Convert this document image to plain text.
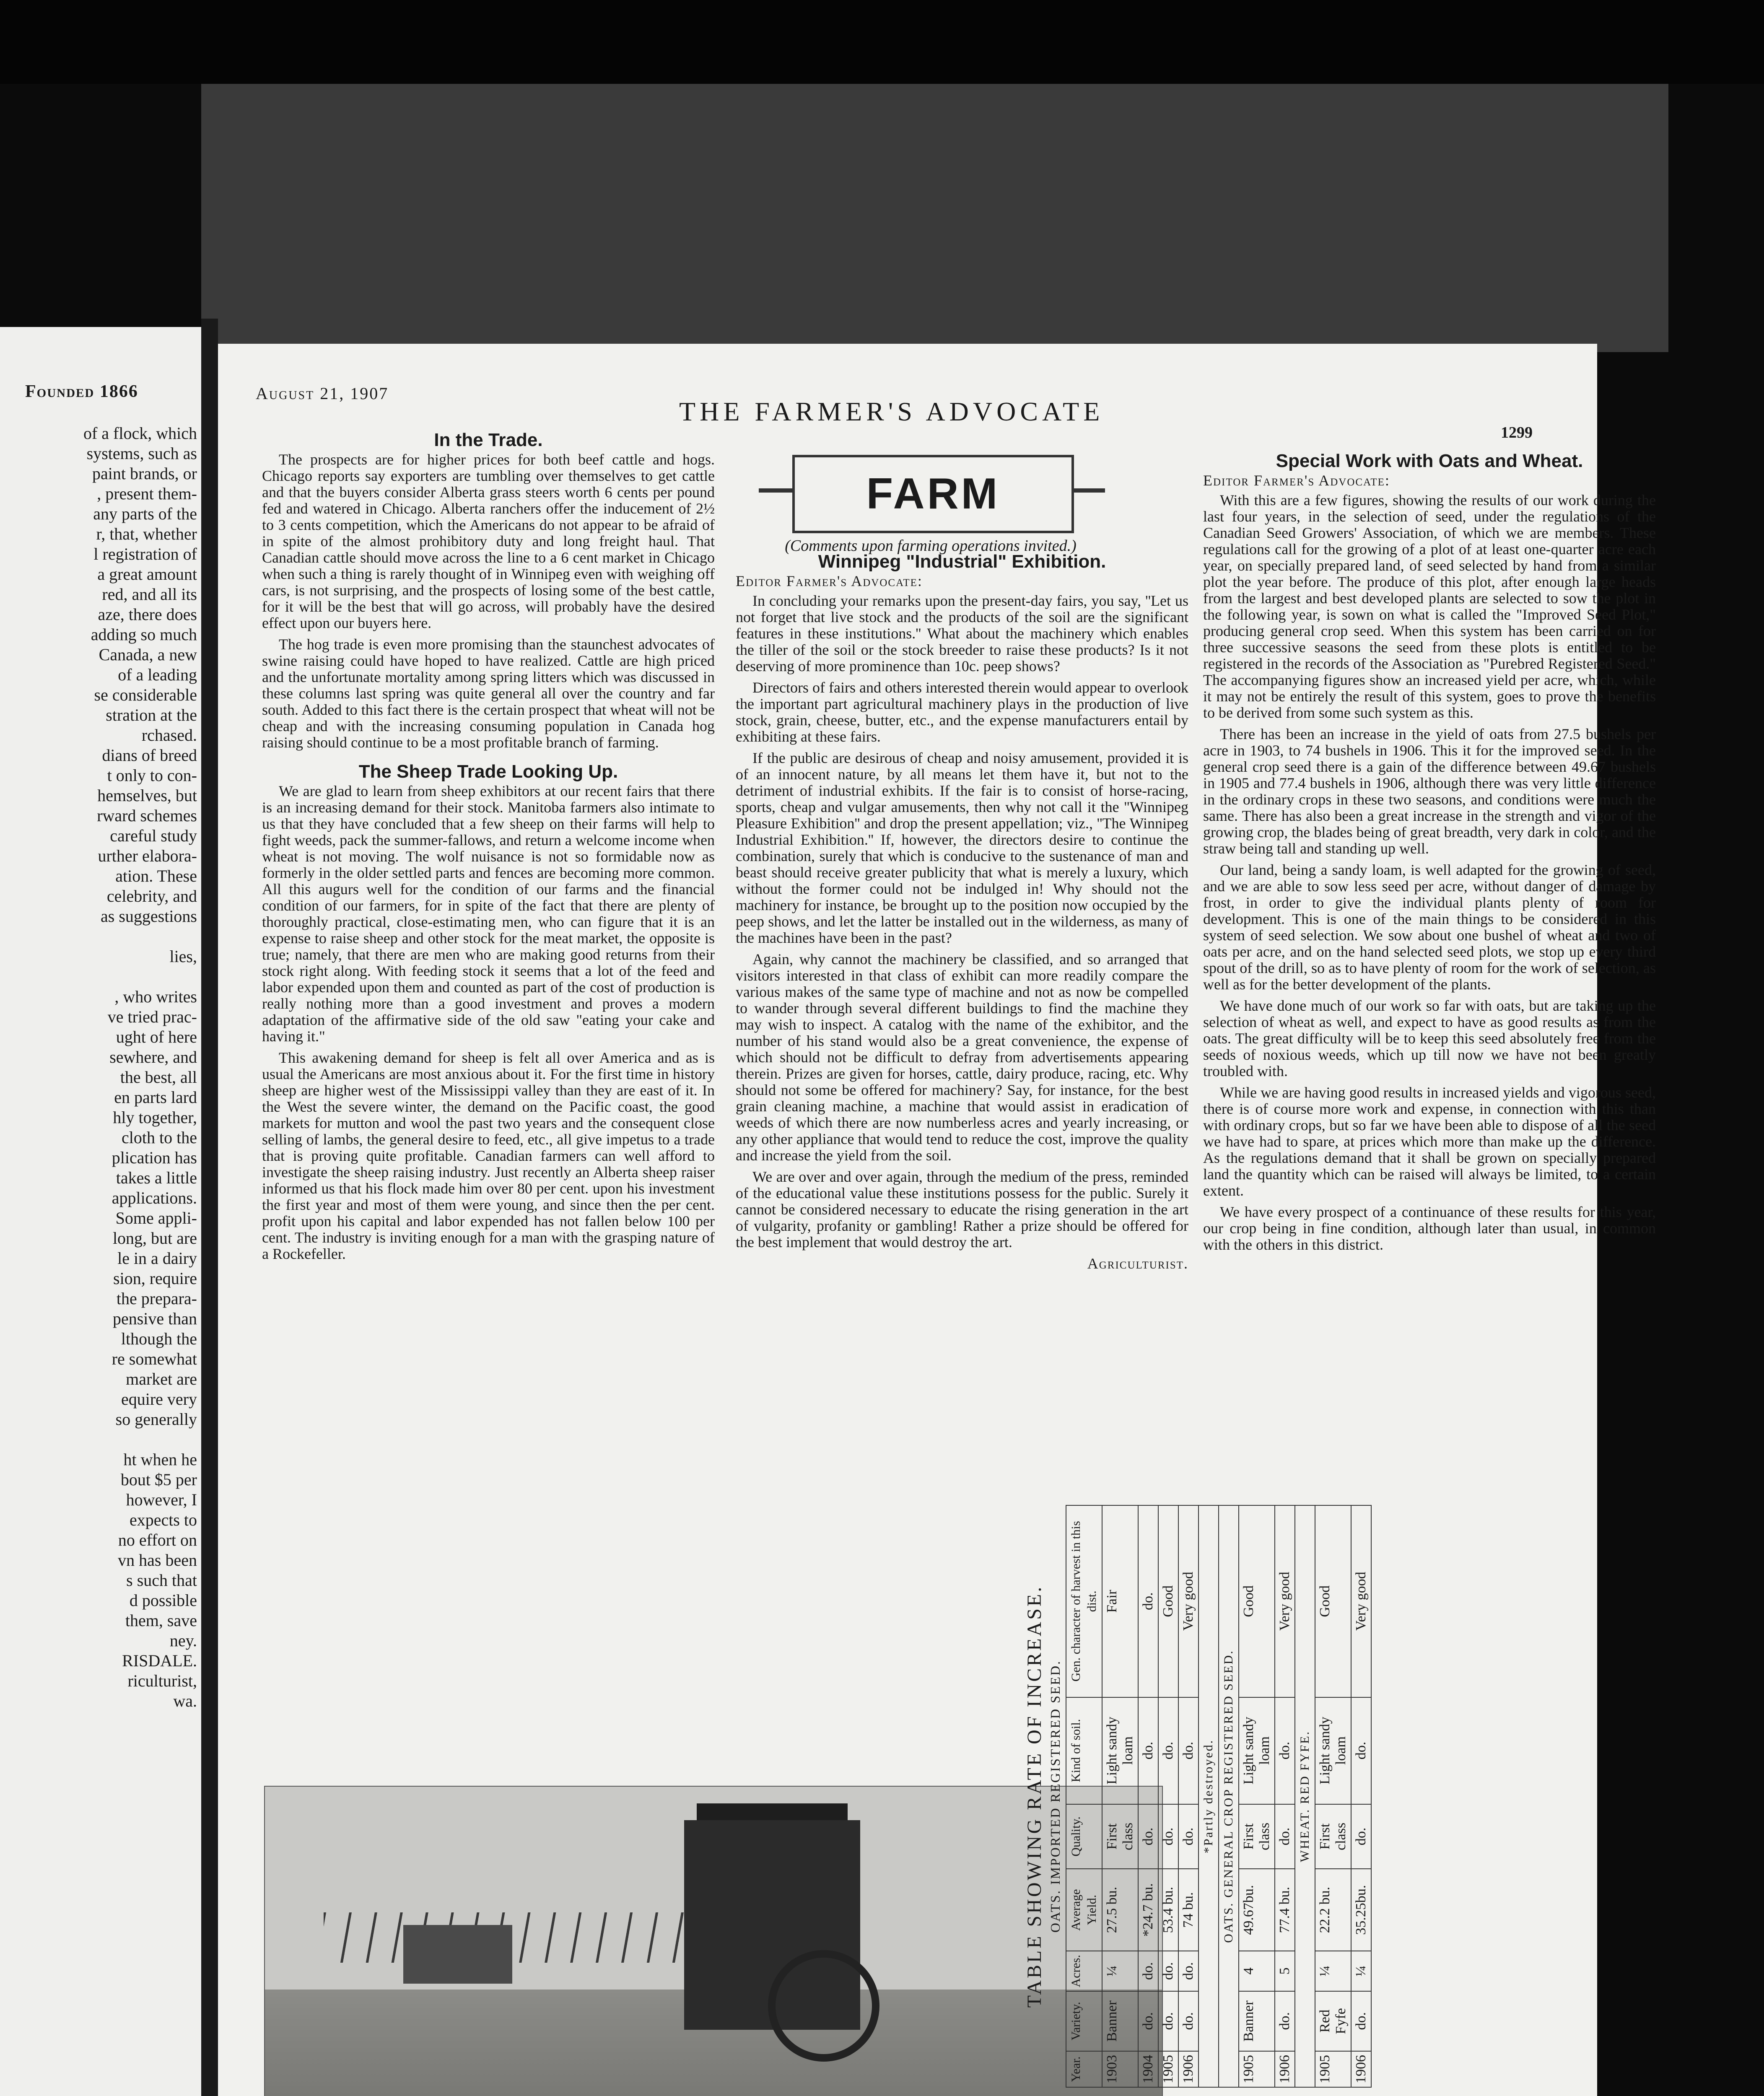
Founded 1866
of a flock, which
systems, such as
paint brands, or
, present them-
any parts of the
r, that, whether
l registration of
a great amount
red, and all its
aze, there does
adding so much
Canada, a new
of a leading
se considerable
stration at the
rchased.
dians of breed
t only to con-
hemselves, but
rward schemes
careful study
urther elabora-
ation. These
celebrity, and
as suggestions

lies,

, who writes
ve tried prac-
ught of here
sewhere, and
the best, all
en parts lard
hly together,
cloth to the
plication has
takes a little
applications.
Some appli-
long, but are
le in a dairy
sion, require
the prepara-
pensive than
lthough the
re somewhat
market are
equire very
so generally

ht when he
bout $5 per
however, I
expects to
no effort on
vn has been
s such that
d possible
them, save
ney.
RISDALE.
riculturist,
wa.
August 21, 1907
THE FARMER'S ADVOCATE
1299
In the Trade.

The prospects are for higher prices for both beef cattle and hogs. Chicago reports say exporters are tumbling over themselves to get cattle and that the buyers consider Alberta grass steers worth 6 cents per pound fed and watered in Chicago. Alberta ranchers offer the inducement of 2½ to 3 cents competition, which the Americans do not appear to be afraid of in spite of the almost prohibitory duty and long freight haul. That Canadian cattle should move across the line to a 6 cent market in Chicago when such a thing is rarely thought of in Winnipeg even with weighing off cars, is not surprising, and the prospects of losing some of the best cattle, for it will be the best that will go across, will probably have the desired effect upon our buyers here.

The hog trade is even more promising than the staunchest advocates of swine raising could have hoped to have realized. Cattle are high priced and the unfortunate mortality among spring litters which was discussed in these columns last spring was quite general all over the country and far south. Added to this fact there is the certain prospect that wheat will not be cheap and with the increasing consuming population in Canada hog raising should continue to be a most profitable branch of farming.

The Sheep Trade Looking Up.

We are glad to learn from sheep exhibitors at our recent fairs that there is an increasing demand for their stock. Manitoba farmers also intimate to us that they have concluded that a few sheep on their farms will help to fight weeds, pack the summer-fallows, and return a welcome income when wheat is not moving. The wolf nuisance is not so formidable now as formerly in the older settled parts and fences are becoming more common. All this augurs well for the condition of our farms and the financial condition of our farmers, for in spite of the fact that there are plenty of thoroughly practical, close-estimating men, who can figure that it is an expense to raise sheep and other stock for the meat market, the opposite is true; namely, that there are men who are making good returns from their stock right along. With feeding stock it seems that a lot of the feed and labor expended upon them and counted as part of the cost of production is really nothing more than a good investment and proves a modern adaptation of the affirmative side of the old saw "eating your cake and having it."

This awakening demand for sheep is felt all over America and as is usual the Americans are most anxious about it. For the first time in history sheep are higher west of the Mississippi valley than they are east of it. In the West the severe winter, the demand on the Pacific coast, the good markets for mutton and wool the past two years and the consequent close selling of lambs, the general desire to feed, etc., all give impetus to a trade that is proving quite profitable. Canadian farmers can well afford to investigate the sheep raising industry. Just recently an Alberta sheep raiser informed us that his flock made him over 80 per cent. upon his investment the first year and most of them were young, and since then the per cent. profit upon his capital and labor expended has not fallen below 100 per cent. The industry is inviting enough for a man with the grasping nature of a Rockefeller.

FARM
(Comments upon farming operations invited.)
Winnipeg "Industrial" Exhibition.

Editor Farmer's Advocate:

In concluding your remarks upon the present-day fairs, you say, ''Let us not forget that live stock and the products of the soil are the significant features in these institutions.'' What about the machinery which enables the tiller of the soil or the stock breeder to raise these products? Is it not deserving of more prominence than 10c. peep shows?

Directors of fairs and others interested therein would appear to overlook the important part agricultural machinery plays in the production of live stock, grain, cheese, butter, etc., and the expense manufacturers entail by exhibiting at these fairs.

If the public are desirous of cheap and noisy amusement, provided it is of an innocent nature, by all means let them have it, but not to the detriment of industrial exhibits. If the fair is to consist of horse-racing, sports, cheap and vulgar amusements, then why not call it the ''Winnipeg Pleasure Exhibition'' and drop the present appellation; viz., ''The Winnipeg Industrial Exhibition.'' If, however, the directors desire to continue the combination, surely that which is conducive to the sustenance of man and beast should receive greater publicity that what is merely a luxury, which without the former could not be indulged in! Why should not the machinery for instance, be brought up to the position now occupied by the peep shows, and let the latter be installed out in the wilderness, as many of the machines have been in the past?

Again, why cannot the machinery be classified, and so arranged that visitors interested in that class of exhibit can more readily compare the various makes of the same type of machine and not as now be compelled to wander through several different buildings to find the machine they may wish to inspect. A catalog with the name of the exhibitor, and the number of his stand would also be a great convenience, the expense of which should not be difficult to defray from advertisements appearing therein. Prizes are given for horses, cattle, dairy produce, racing, etc. Why should not some be offered for machinery? Say, for instance, for the best grain cleaning machine, a machine that would assist in eradication of weeds of which there are now numberless acres and yearly increasing, or any other appliance that would tend to reduce the cost, improve the quality and increase the yield from the soil.

We are over and over again, through the medium of the press, reminded of the educational value these institutions possess for the public. Surely it cannot be considered necessary to educate the rising generation in the art of vulgarity, profanity or gambling! Rather a prize should be offered for the best implement that would destroy the art.

Agriculturist.
Special Work with Oats and Wheat.

Editor Farmer's Advocate:

With this are a few figures, showing the results of our work during the last four years, in the selection of seed, under the regulations of the Canadian Seed Growers' Association, of which we are members. These regulations call for the growing of a plot of at least one-quarter acre each year, on specially prepared land, of seed selected by hand from a similar plot the year before. The produce of this plot, after enough large heads from the largest and best developed plants are selected to sow the plot in the following year, is sown on what is called the "Improved Seed Plot," producing general crop seed. When this system has been carried on for three successive seasons the seed from these plots is entitled to be registered in the records of the Association as "Purebred Registered Seed." The accompanying figures show an increased yield per acre, which, while it may not be entirely the result of this system, goes to prove the benefits to be derived from some such system as this.

There has been an increase in the yield of oats from 27.5 bushels per acre in 1903, to 74 bushels in 1906. This it for the improved seed. In the general crop seed there is a gain of the difference between 49.67 bushels in 1905 and 77.4 bushels in 1906, although there was very little difference in the ordinary crops in these two seasons, and conditions were much the same. There has also been a great increase in the strength and vigor of the growing crop, the blades being of great breadth, very dark in color, and the straw being tall and standing up well.

Our land, being a sandy loam, is well adapted for the growing of seed, and we are able to sow less seed per acre, without danger of damage by frost, in order to give the individual plants plenty of room for development. This is one of the main things to be considered in this system of seed selection. We sow about one bushel of wheat and two of oats per acre, and on the hand selected seed plots, we stop up every third spout of the drill, so as to have plenty of room for the work of selection, as well as for the better development of the plants.

We have done much of our work so far with oats, but are taking up the selection of wheat as well, and expect to have as good results as from the oats. The great difficulty will be to keep this seed absolutely free from the seeds of noxious weeds, which up till now we have not been greatly troubled with.

While we are having good results in increased yields and vigorous seed, there is of course more work and expense, in connection with this than with ordinary crops, but so far we have been able to dispose of all the seed we have had to spare, at prices which more than make up the difference. As the regulations demand that it shall be grown on specially prepared land the quantity which can be raised will always be limited, to a certain extent.

We have every prospect of a continuance of these results for this year, our crop being in fine condition, although later than usual, in common with the others in this district.

TABLE SHOWING RATE OF INCREASE. OATS. IMPORTED REGISTERED SEED.
Year.	Variety.	Acres.	Average Yield.	Quality.	Kind of soil.	Gen. character of harvest in this dist.
1903	Banner	¼	27.5 bu.	First class	Light sandy loam	Fair
1904	do.	do.	*24.7 bu.	do.	do.	do.
1905	do.	do.	53.4 bu.	do.	do.	Good
1906	do.	do.	74 bu.	do.	do.	Very good
*Partly destroyed.						
OATS. GENERAL CROP REGISTERED SEED.						
1905	Banner	4	49.67bu.	First class	Light sandy loam	Good
1906	do.	5	77.4 bu.	do.	do.	Very good
WHEAT. RED FYFE.						
1905	Red Fyfe	¼	22.2 bu.	First class	Light sandy loam	Good
1906	do.	¼	35.25bu.	do.	do.	Very good
